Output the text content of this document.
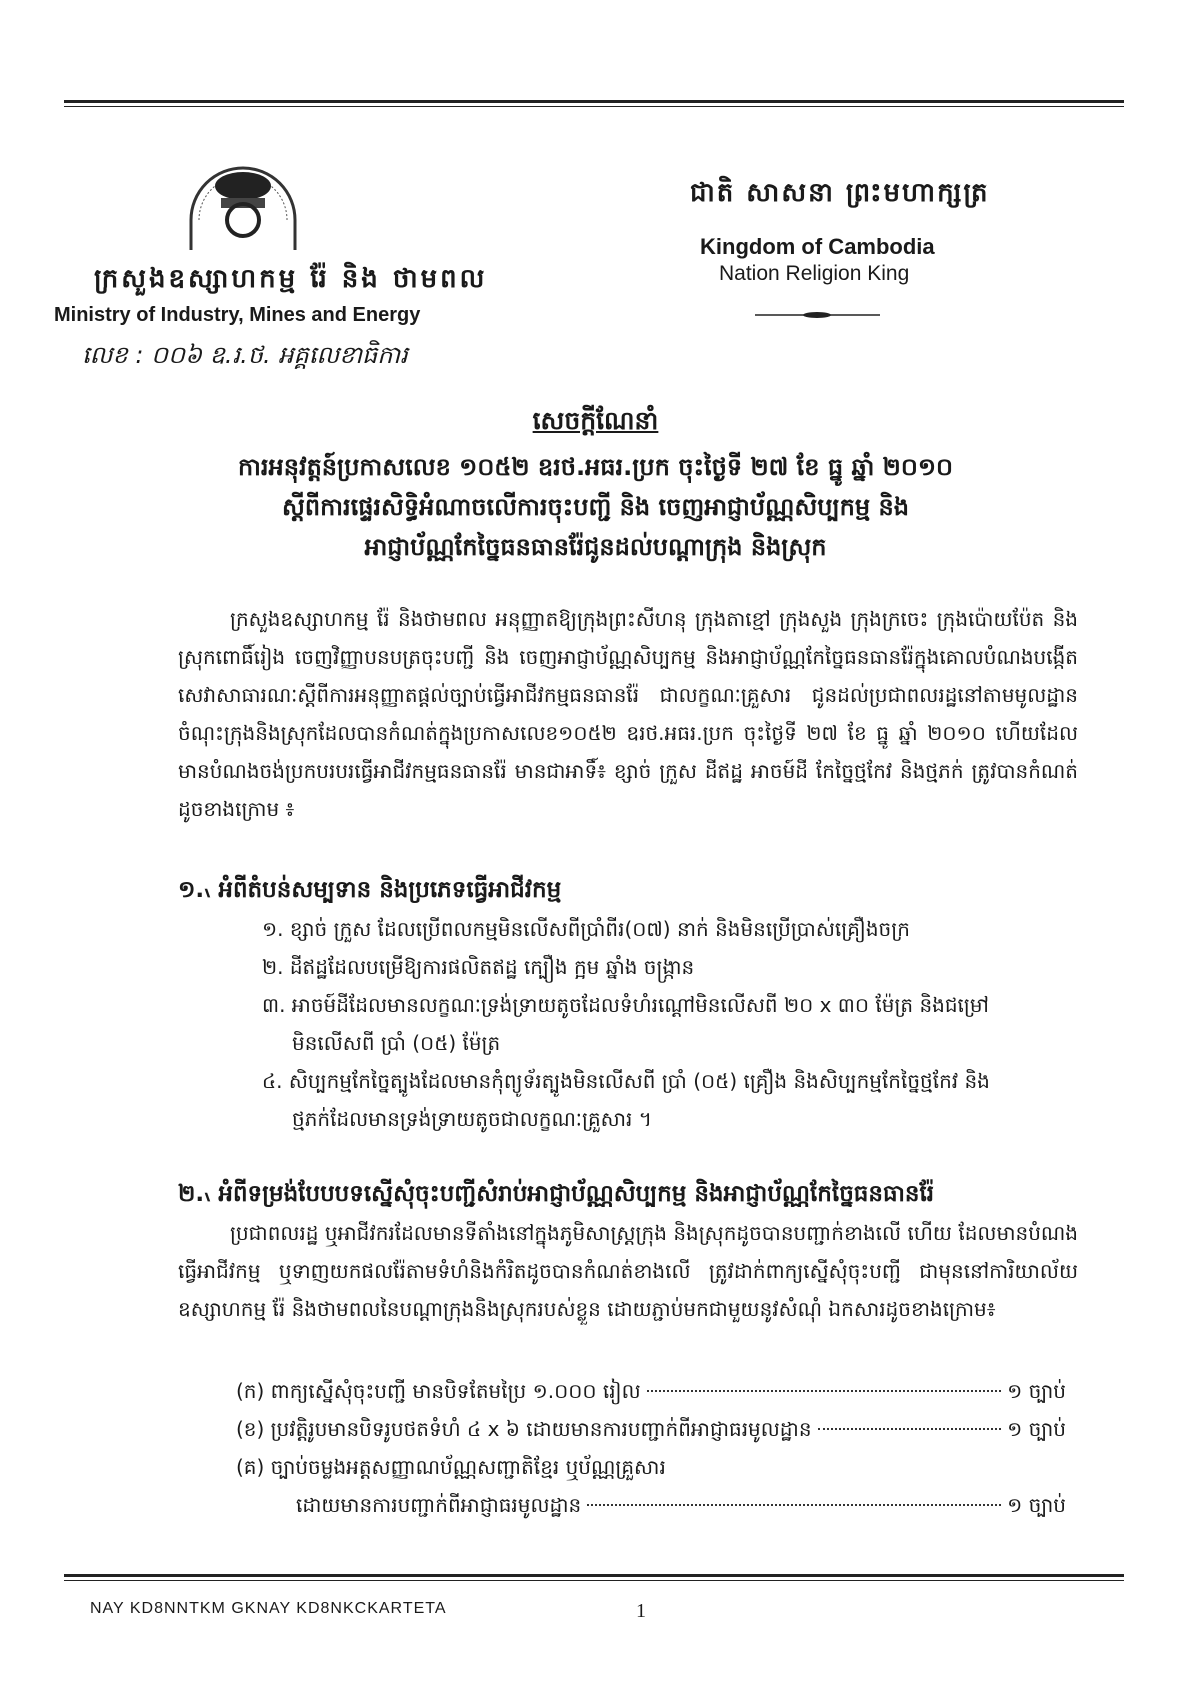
ក្រសួងឧស្សាហកម្ម រ៉ែ និង ថាមពល
Ministry of Industry, Mines and Energy
លេខ : ០០៦ ឧ.រ.ថ. អគ្គលេខាធិការ
ជាតិ សាសនា ព្រះមហាក្សត្រ
Kingdom of Cambodia
Nation Religion King
សេចក្តីណែនាំ
ការអនុវត្តន៍ប្រកាសលេខ ១០៥២ ឧរថ.អធរ.ប្រក ចុះថ្ងៃទី ២៧ ខែ ធ្នូ ឆ្នាំ ២០១០
ស្តីពីការផ្ទេរសិទ្ធិអំណាចលើការចុះបញ្ជី និង ចេញអាជ្ញាប័ណ្ណសិប្បកម្ម និង
អាជ្ញាប័ណ្ណកែច្នៃធនធានរ៉ែជូនដល់បណ្តាក្រុង និងស្រុក
ក្រសួងឧស្សាហកម្ម រ៉ែ និងថាមពល អនុញ្ញាតឱ្យក្រុងព្រះសីហនុ ក្រុងតាខ្មៅ ក្រុងសួង ក្រុងក្រចេះ ក្រុងប៉ោយប៉ែត និងស្រុកពោធិ៍រៀង ចេញវិញ្ញាបនបត្រចុះបញ្ជី និង ចេញអាជ្ញាប័ណ្ណសិប្បកម្ម និងអាជ្ញាប័ណ្ណកែច្នៃធនធានរ៉ែក្នុងគោលបំណងបង្កើតសេវាសាធារណៈស្តីពីការអនុញ្ញាតផ្តល់ច្បាប់ធ្វើអាជីវកម្មធនធានរ៉ែ ជាលក្ខណៈគ្រួសារ ជូនដល់ប្រជាពលរដ្ឋនៅតាមមូលដ្ឋានចំណុះក្រុងនិងស្រុកដែលបានកំណត់ក្នុងប្រកាសលេខ១០៥២ ឧរថ.អធរ.ប្រក ចុះថ្ងៃទី ២៧ ខែ ធ្នូ ឆ្នាំ ២០១០ ហើយដែលមានបំណងចង់ប្រកបរបរធ្វើអាជីវកម្មធនធានរ៉ែ មានជាអាទិ៍៖ ខ្សាច់ ក្រួស ដីឥដ្ឋ អាចម៍ដី កែច្នៃថ្មកែវ និងថ្មភក់ ត្រូវបានកំណត់ដូចខាងក្រោម ៖
១.៶ អំពីតំបន់សម្បទាន និងប្រភេទធ្វើអាជីវកម្ម
១. ខ្សាច់ ក្រួស ដែលប្រើពលកម្មមិនលើសពីប្រាំពីរ(០៧) នាក់ និងមិនប្រើប្រាស់គ្រឿងចក្រ
២. ដីឥដ្ឋដែលបម្រើឱ្យការផលិតឥដ្ឋ ក្បឿង ក្អម ឆ្នាំង ចង្ក្រាន
៣. អាចម៍ដីដែលមានលក្ខណៈទ្រង់ទ្រាយតូចដែលទំហំរណ្តៅមិនលើសពី ២០ x ៣០ ម៉ែត្រ និងជម្រៅ
មិនលើសពី ប្រាំ (០៥) ម៉ែត្រ
៤. សិប្បកម្មកែច្នៃត្បូងដែលមានកុំព្យូទ័រត្បូងមិនលើសពី ប្រាំ (០៥) គ្រឿង និងសិប្បកម្មកែច្នៃថ្មកែវ និង
ថ្មភក់ដែលមានទ្រង់ទ្រាយតូចជាលក្ខណៈគ្រួសារ ។
២.៶ អំពីទម្រង់បែបបទស្នើសុំចុះបញ្ជីសំរាប់អាជ្ញាប័ណ្ណសិប្បកម្ម និងអាជ្ញាប័ណ្ណកែច្នៃធនធានរ៉ែ
ប្រជាពលរដ្ឋ ឬអាជីវករដែលមានទីតាំងនៅក្នុងភូមិសាស្ត្រក្រុង និងស្រុកដូចបានបញ្ជាក់ខាងលើ ហើយ ដែលមានបំណងធ្វើអាជីវកម្ម ឬទាញយកផលរ៉ែតាមទំហំនិងកំរិតដូចបានកំណត់ខាងលើ ត្រូវដាក់ពាក្យស្នើសុំចុះបញ្ជី ជាមុននៅការិយាល័យឧស្សាហកម្ម រ៉ែ និងថាមពលនៃបណ្តាក្រុងនិងស្រុករបស់ខ្លួន ដោយភ្ជាប់មកជាមួយនូវសំណុំ ឯកសារដូចខាងក្រោម៖
(ក) ពាក្យស្នើសុំចុះបញ្ជី មានបិទតែមប្រៃ ១.០០០ រៀល	១ ច្បាប់
(ខ) ប្រវត្តិរូបមានបិទរូបថតទំហំ ៤ x ៦ ដោយមានការបញ្ជាក់ពីអាជ្ញាធរមូលដ្ឋាន	១ ច្បាប់
(គ) ច្បាប់ចម្លងអត្តសញ្ញាណប័ណ្ណសញ្ជាតិខ្មែរ ឬប័ណ្ណគ្រួសារ
ដោយមានការបញ្ជាក់ពីអាជ្ញាធរមូលដ្ឋាន	១ ច្បាប់
NAY KD8NNTKM GKNAY KD8NKCKARTETA	1
